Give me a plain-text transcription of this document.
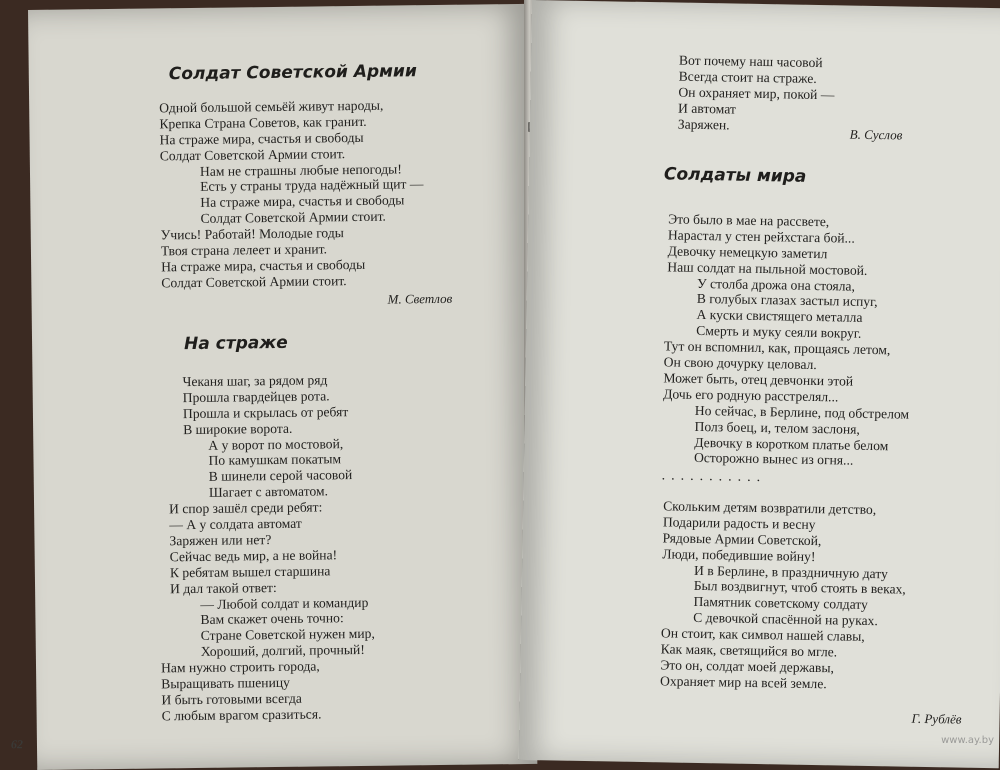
Солдат Советской Армии
Одной большой семьёй живут народы,
Крепка Страна Советов, как гранит.
На страже мира, счастья и свободы
Солдат Советской Армии стоит.
Нам не страшны любые непогоды!
Есть у страны труда надёжный щит —
На страже мира, счастья и свободы
Солдат Советской Армии стоит.
Учись! Работай! Молодые годы
Твоя страна лелеет и хранит.
На страже мира, счастья и свободы
Солдат Советской Армии стоит.

М. Светлов

На страже
Чеканя шаг, за рядом ряд
Прошла гвардейцев рота.
Прошла и скрылась от ребят
В широкие ворота.
А у ворот по мостовой,
По камушкам покатым
В шинели серой часовой
Шагает с автоматом.
И спор зашёл среди ребят:
— А у солдата автомат
Заряжен или нет?
Сейчас ведь мир, а не война!
К ребятам вышел старшина
И дал такой ответ:
— Любой солдат и командир
Вам скажет очень точно:
Стране Советской нужен мир,
Хороший, долгий, прочный!
Нам нужно строить города,
Выращивать пшеницу
И быть готовыми всегда
С любым врагом сразиться.

62

Вот почему наш часовой
Всегда стоит на страже.
Он охраняет мир, покой —
И автомат
Заряжен.

В. Суслов

Солдаты мира
Это было в мае на рассвете,
Нарастал у стен рейхстага бой...
Девочку немецкую заметил
Наш солдат на пыльной мостовой.
У столба дрожа она стояла,
В голубых глазах застыл испуг,
А куски свистящего металла
Смерть и муку сеяли вокруг.
Тут он вспомнил, как, прощаясь летом,
Он свою дочурку целовал.
Может быть, отец девчонки этой
Дочь его родную расстрелял...
Но сейчас, в Берлине, под обстрелом
Полз боец, и, телом заслоня,
Девочку в коротком платье белом
Осторожно вынес из огня...

...........

Скольким детям возвратили детство,
Подарили радость и весну
Рядовые Армии Советской,
Люди, победившие войну!
И в Берлине, в праздничную дату
Был воздвигнут, чтоб стоять в веках,
Памятник советскому солдату
С девочкой спасённой на руках.
Он стоит, как символ нашей славы,
Как маяк, светящийся во мгле.
Это он, солдат моей державы,
Охраняет мир на всей земле.

Г. Рублёв

www.ay.by
